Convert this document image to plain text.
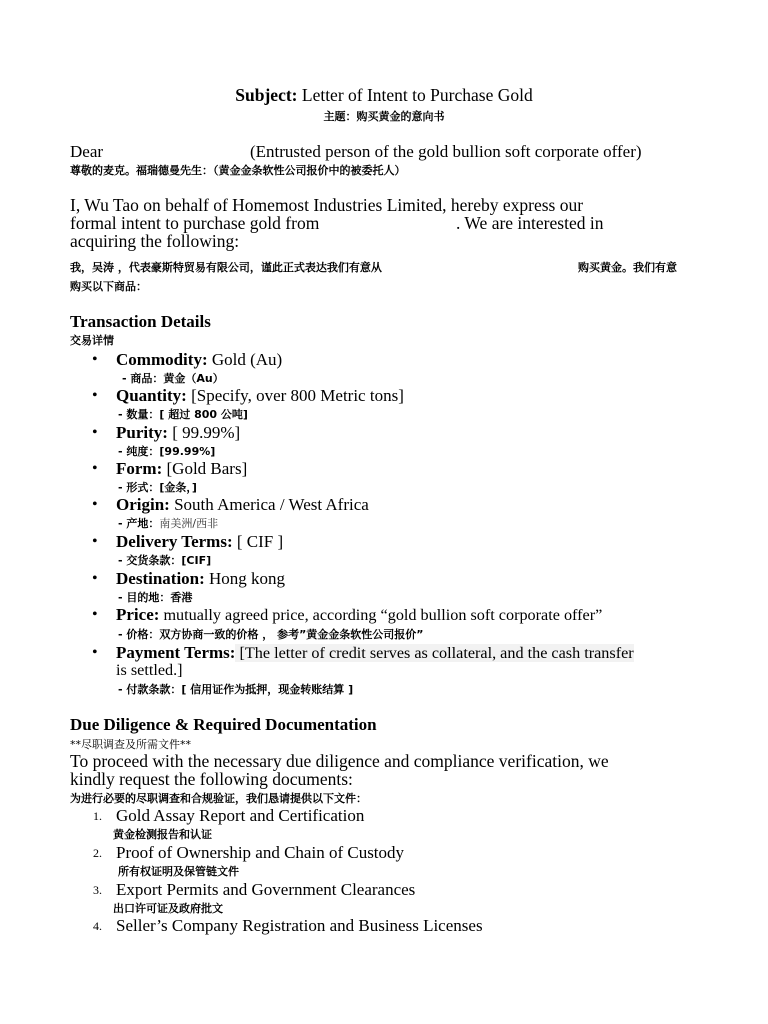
Subject: Letter of Intent to Purchase Gold
主题：购买黄金的意向书
Dear	(Entrusted person of the gold bullion soft corporate offer)
尊敬的麦克。福瑞德曼先生：（黄金金条软性公司报价中的被委托人）
I, Wu Tao on behalf of Homemost Industries Limited, hereby express our
formal intent to purchase gold from	. We are interested in
acquiring the following:
我，吴涛 ，代表豪斯特贸易有限公司，谨此正式表达我们有意从	购买黄金。我们有意
购买以下商品：
Transaction Details
交易详情
• Commodity: Gold (Au)
- 商品：黄金（Au）
• Quantity: [Specify, over 800 Metric tons]
- 数量：[ 超过 800 公吨]
• Purity: [ 99.99%]
- 纯度：[99.99%]
• Form: [Gold Bars]
- 形式：[金条，]
• Origin: South America / West Africa
- 产地：南美洲/西非
• Delivery Terms: [ CIF ]
- 交货条款：[CIF]
• Destination: Hong kong
- 目的地：香港
• Price: mutually agreed price, according “gold bullion soft corporate offer”
- 价格：双方协商一致的价格 ， 参考”黄金金条软性公司报价”
• Payment Terms: [The letter of credit serves as collateral, and the cash transfer
is settled.]
- 付款条款：[ 信用证作为抵押，现金转账结算 ]
Due Diligence & Required Documentation
**尽职调查及所需文件**
To proceed with the necessary due diligence and compliance verification, we
kindly request the following documents:
为进行必要的尽职调查和合规验证，我们恳请提供以下文件：
1. Gold Assay Report and Certification
黄金检测报告和认证
2. Proof of Ownership and Chain of Custody
所有权证明及保管链文件
3. Export Permits and Government Clearances
出口许可证及政府批文
4. Seller’s Company Registration and Business Licenses
